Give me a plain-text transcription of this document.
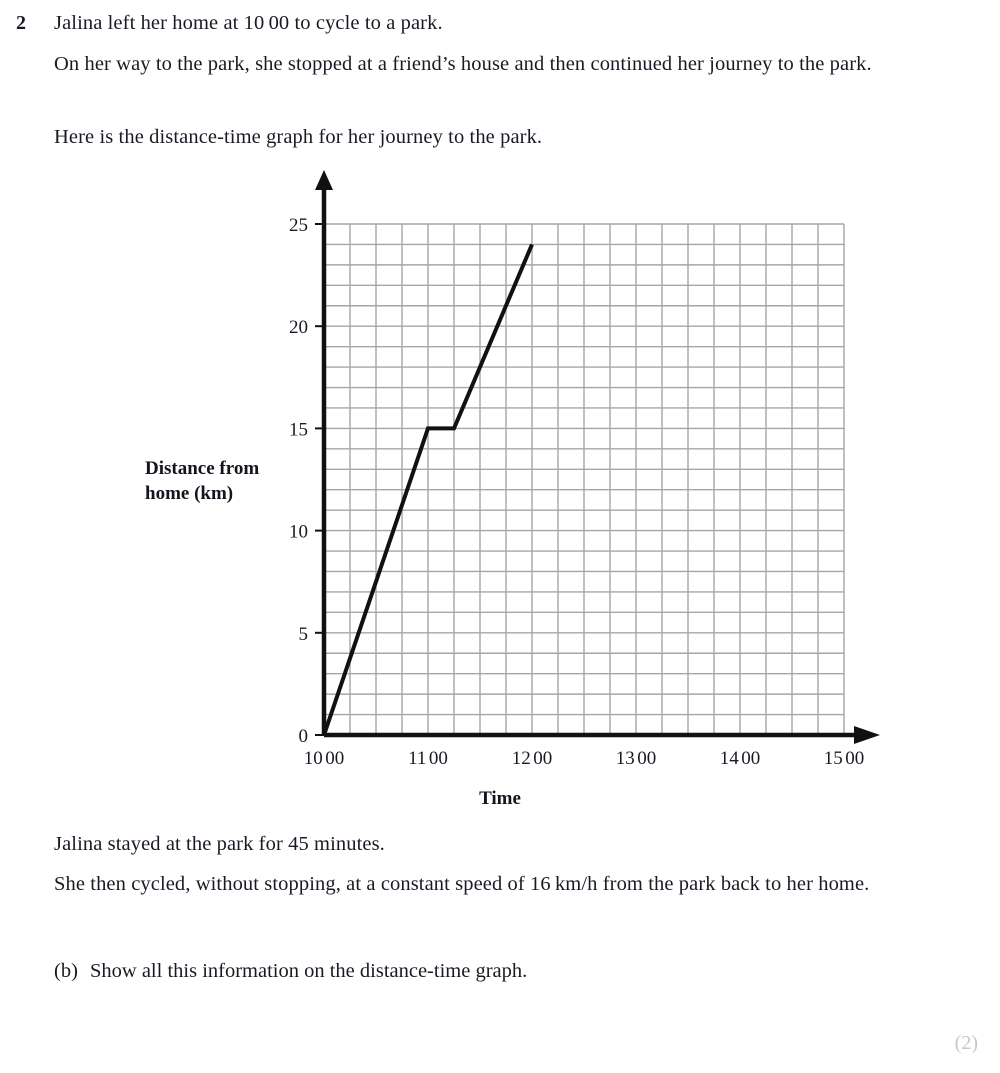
2 Jalina left her home at 10 00 to cycle to a park.
On her way to the park, she stopped at a friend’s house and then continued her journey to the park.
Here is the distance-time graph for her journey to the park.
0
5
10
15
20
25
10 00	11 00	12 00	13 00	14 00	15 00
Distance from
home (km)
Time
Jalina stayed at the park for 45 minutes.
She then cycled, without stopping, at a constant speed of 16 km/h from the park back to her home.
(b) Show all this information on the distance-time graph.
(2)
